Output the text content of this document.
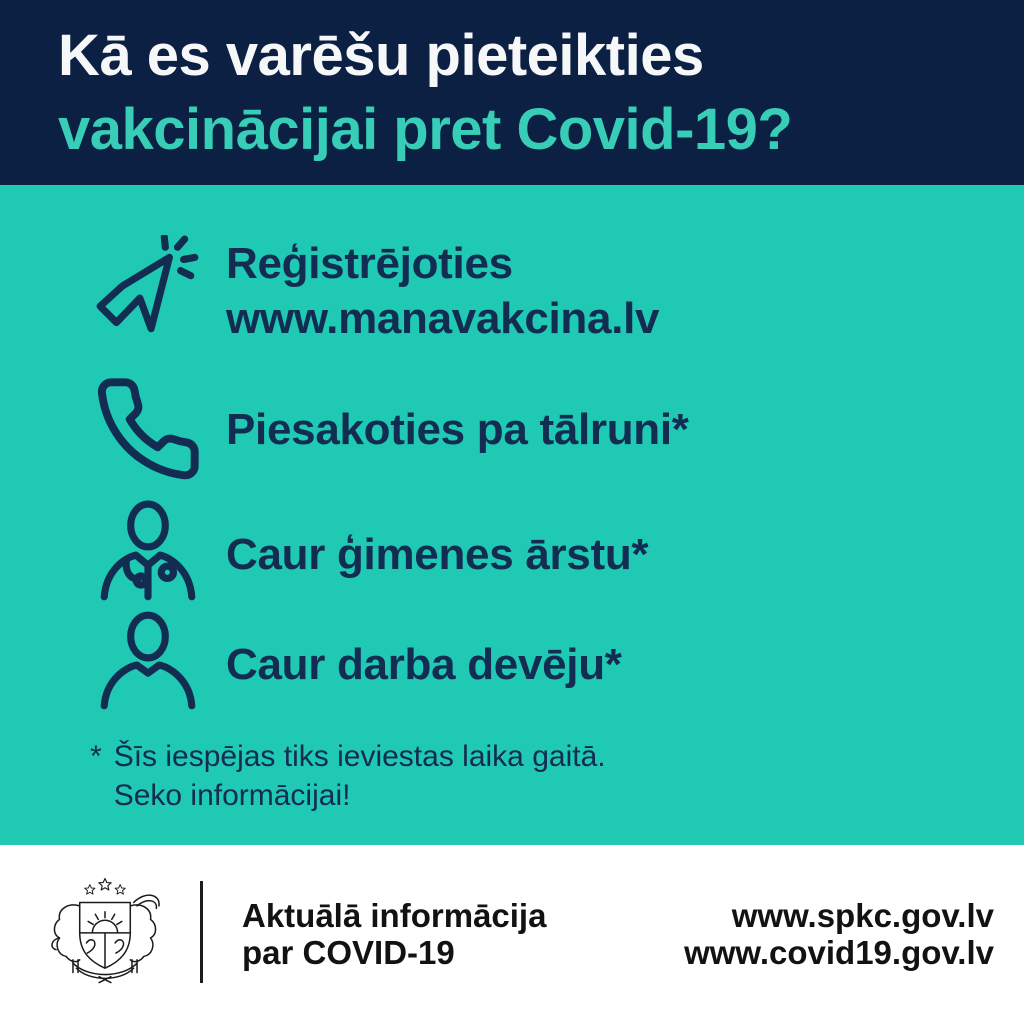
Kā es varēšu pieteikties
vakcinācijai pret Covid-19?
Reģistrējoties
www.manavakcina.lv
Piesakoties pa tālruni*
Caur ģimenes ārstu*
Caur darba devēju*
* Šīs iespējas tiks ieviestas laika gaitā.
Seko informācijai!
Aktuālā informācija
par COVID-19
www.spkc.gov.lv
www.covid19.gov.lv
